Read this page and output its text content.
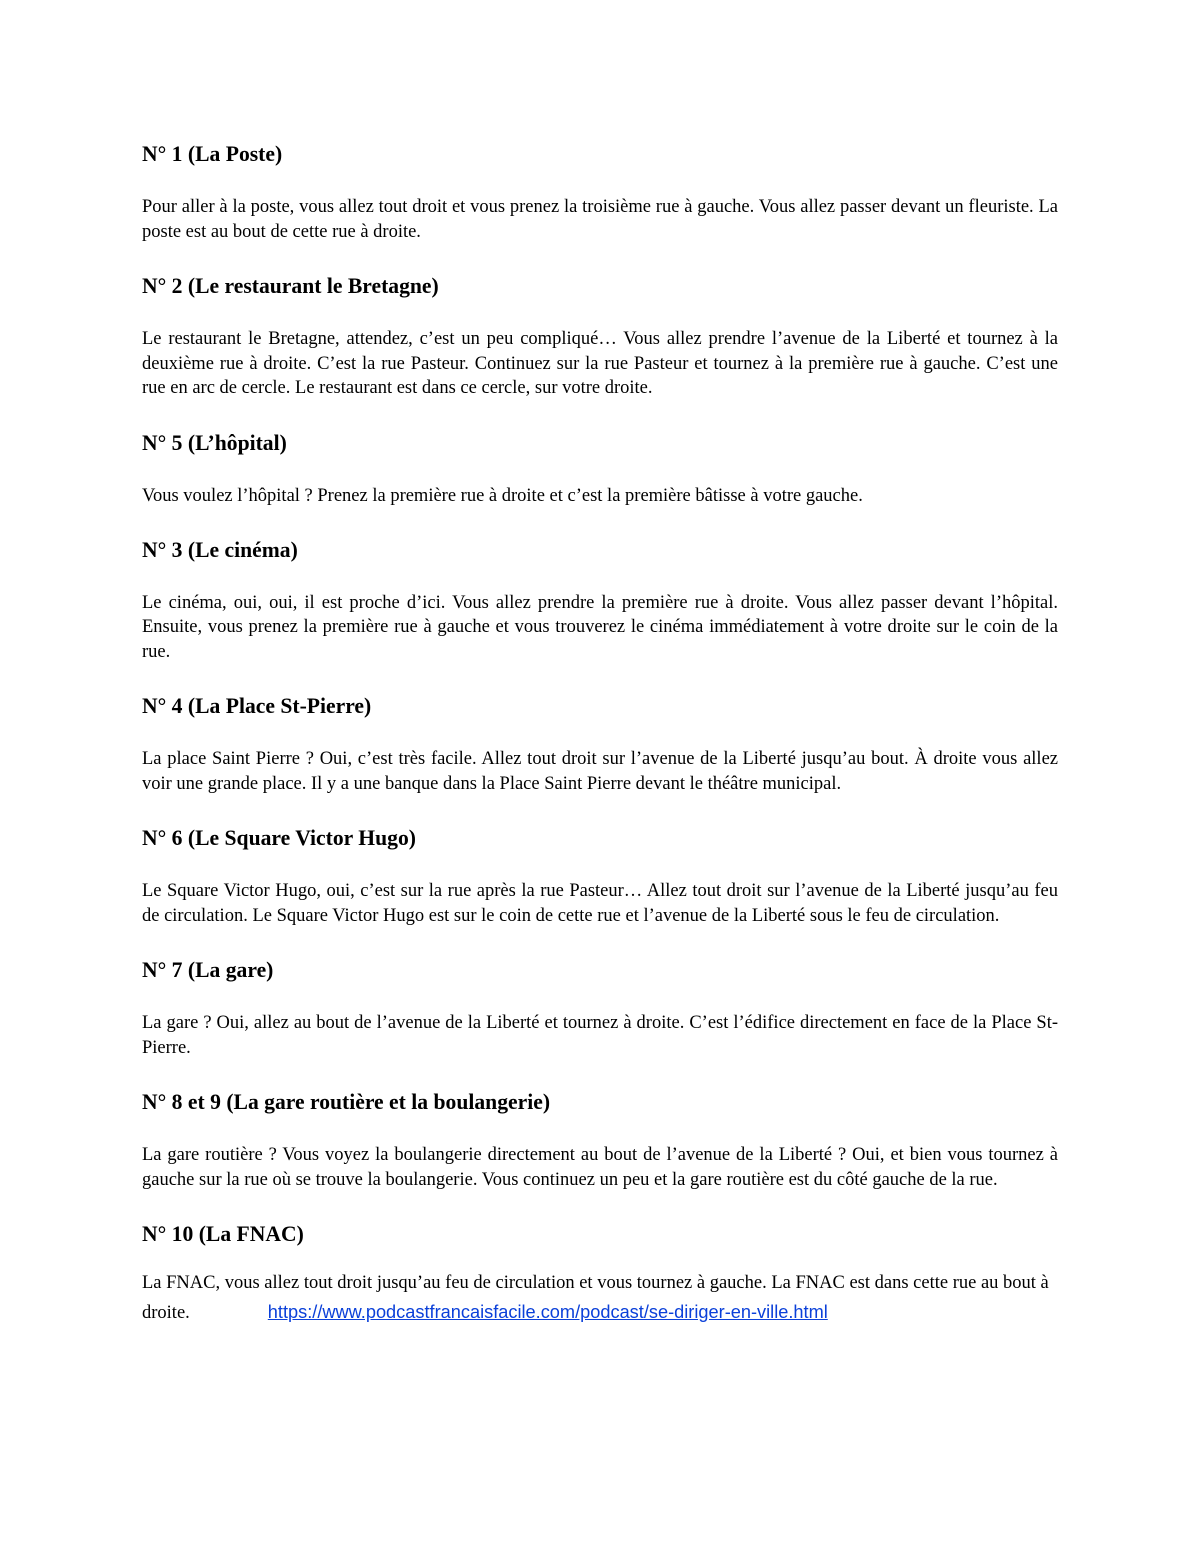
N° 1 (La Poste)

Pour aller à la poste, vous allez tout droit et vous prenez la troisième rue à gauche. Vous allez passer devant un fleuriste. La poste est au bout de cette rue à droite.

N° 2 (Le restaurant le Bretagne)

Le restaurant le Bretagne, attendez, c’est un peu compliqué… Vous allez prendre l’avenue de la Liberté et tournez à la deuxième rue à droite. C’est la rue Pasteur. Continuez sur la rue Pasteur et tournez à la première rue à gauche. C’est une rue en arc de cercle. Le restaurant est dans ce cercle, sur votre droite.

N° 5 (L’hôpital)

Vous voulez l’hôpital ? Prenez la première rue à droite et c’est la première bâtisse à votre gauche.

N° 3 (Le cinéma)

Le cinéma, oui, oui, il est proche d’ici. Vous allez prendre la première rue à droite. Vous allez passer devant l’hôpital. Ensuite, vous prenez la première rue à gauche et vous trouverez le cinéma immédiatement à votre droite sur le coin de la rue.

N° 4 (La Place St-Pierre)

La place Saint Pierre ? Oui, c’est très facile. Allez tout droit sur l’avenue de la Liberté jusqu’au bout. À droite vous allez voir une grande place. Il y a une banque dans la Place Saint Pierre devant le théâtre municipal.

N° 6 (Le Square Victor Hugo)

Le Square Victor Hugo, oui, c’est sur la rue après la rue Pasteur… Allez tout droit sur l’avenue de la Liberté jusqu’au feu de circulation. Le Square Victor Hugo est sur le coin de cette rue et l’avenue de la Liberté sous le feu de circulation.

N° 7 (La gare)

La gare ? Oui, allez au bout de l’avenue de la Liberté et tournez à droite. C’est l’édifice directement en face de la Place St-Pierre.

N° 8 et 9 (La gare routière et la boulangerie)

La gare routière ? Vous voyez la boulangerie directement au bout de l’avenue de la Liberté ? Oui, et bien vous tournez à gauche sur la rue où se trouve la boulangerie. Vous continuez un peu et la gare routière est du côté gauche de la rue.

N° 10 (La FNAC)

La FNAC, vous allez tout droit jusqu’au feu de circulation et vous tournez à gauche. La FNAC est dans cette rue au bout à droite.	https://www.podcastfrancaisfacile.com/podcast/se-diriger-en-ville.html
